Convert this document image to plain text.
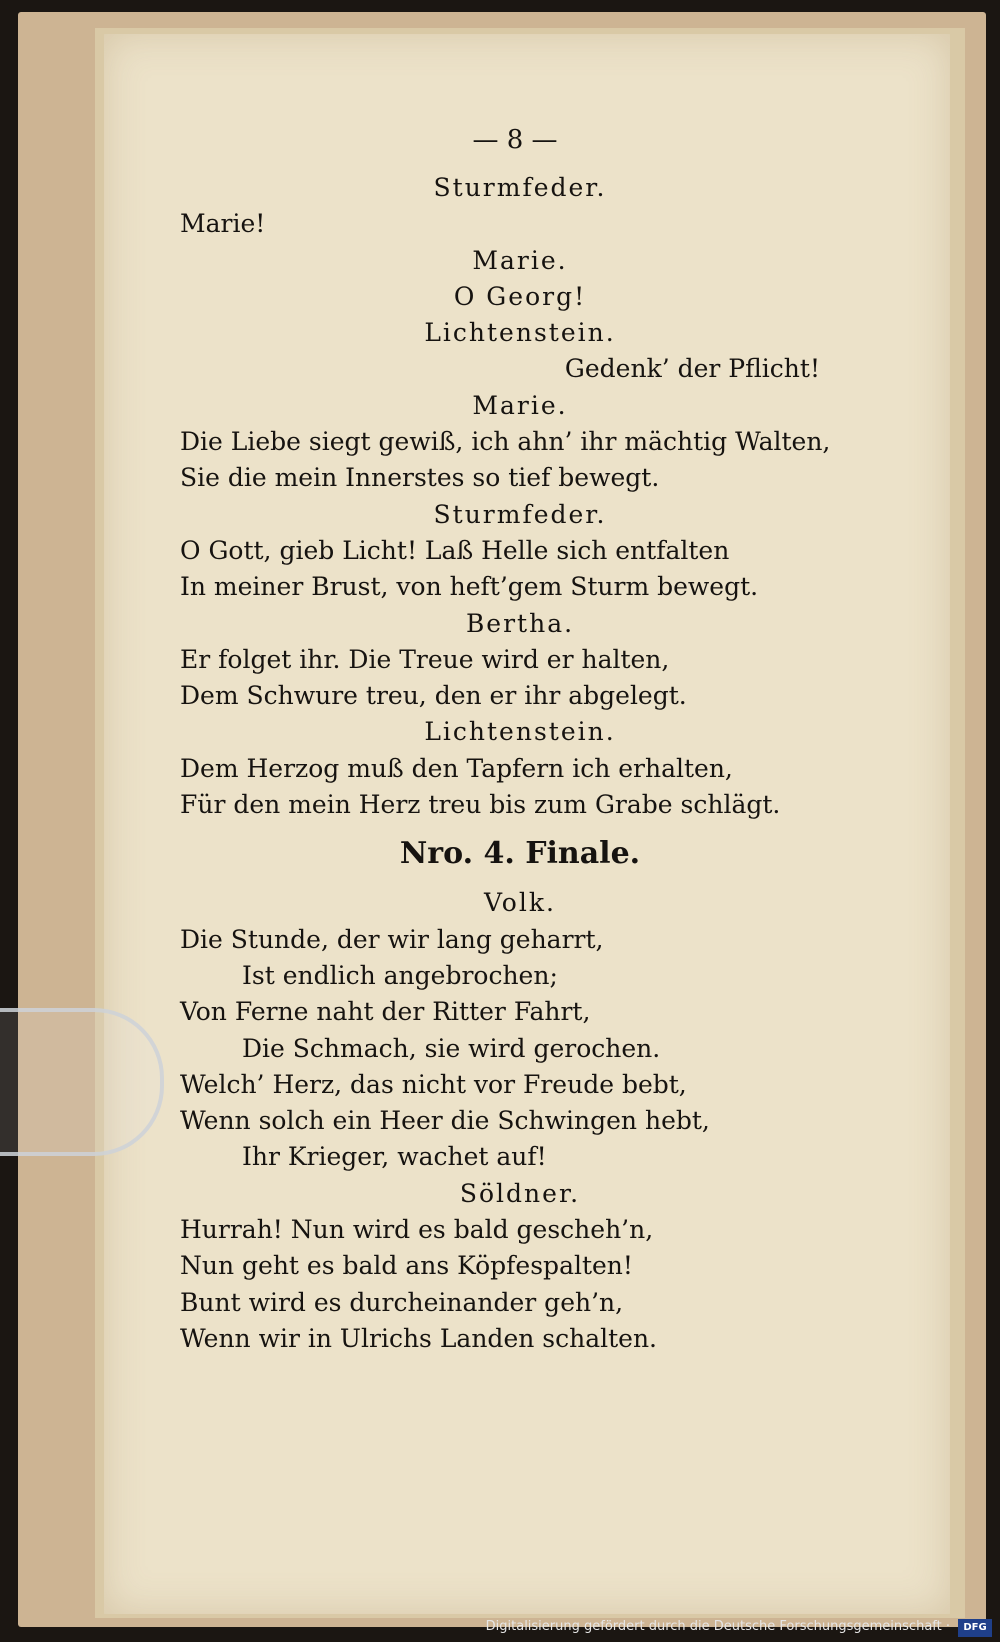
— 8 —
Sturmfeder.
Marie!
Marie.
O Georg!
Lichtenstein.
Gedenk’ der Pflicht!
Marie.
Die Liebe siegt gewiß, ich ahn’ ihr mächtig Walten,
Sie die mein Innerstes so tief bewegt.
Sturmfeder.
O Gott, gieb Licht! Laß Helle sich entfalten
In meiner Brust, von heft’gem Sturm bewegt.
Bertha.
Er folget ihr. Die Treue wird er halten,
Dem Schwure treu, den er ihr abgelegt.
Lichtenstein.
Dem Herzog muß den Tapfern ich erhalten,
Für den mein Herz treu bis zum Grabe schlägt.
Nro. 4. Finale.
Volk.
Die Stunde, der wir lang geharrt,
Ist endlich angebrochen;
Von Ferne naht der Ritter Fahrt,
Die Schmach, sie wird gerochen.
Welch’ Herz, das nicht vor Freude bebt,
Wenn solch ein Heer die Schwingen hebt,
Ihr Krieger, wachet auf!
Söldner.
Hurrah! Nun wird es bald gescheh’n,
Nun geht es bald ans Köpfespalten!
Bunt wird es durcheinander geh’n,
Wenn wir in Ulrichs Landen schalten.
Digitalisierung gefördert durch die Deutsche Forschungsgemeinschaft ·	DFG
